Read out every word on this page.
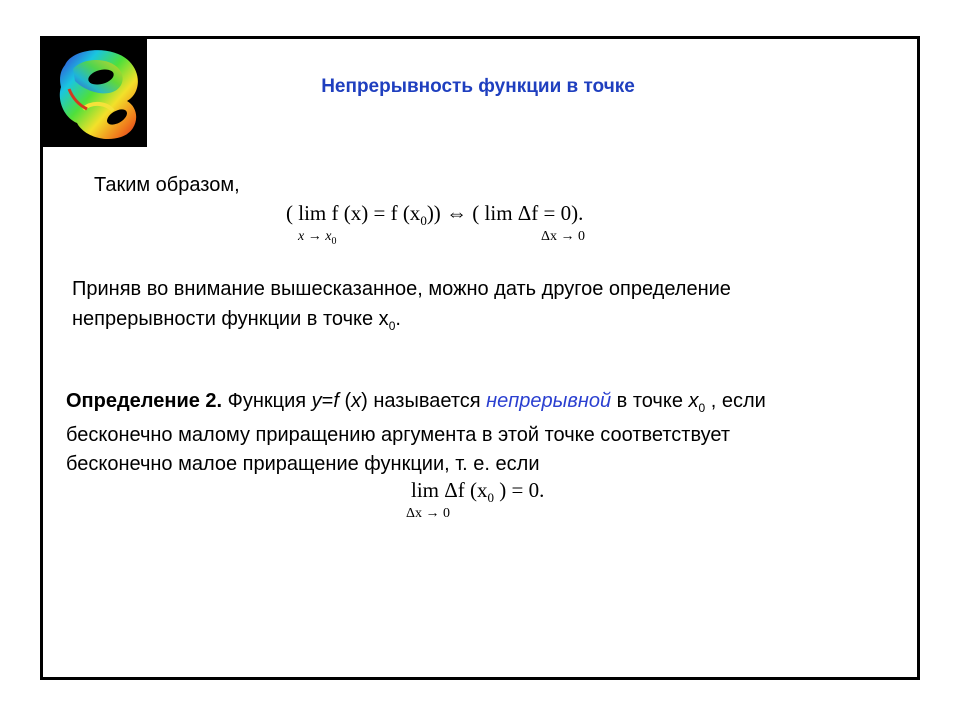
Непрерывность функции в точке
Таким образом,
( lim f (x) = f $(x_0)$) ⇔ ( lim Δf = 0).
$x \to x_0$	Δx → 0
Приняв во внимание вышесказанное, можно дать другое определение
непрерывности функции в точке $x_0$.
Определение 2. Функция y=f (x) называется непрерывной в точке $x_0$ , если
бесконечно малому приращению аргумента в этой точке соответствует
бесконечно малое приращение функции, т. е. если
lim Δf ($x_0$ ) = 0.
Δx → 0
